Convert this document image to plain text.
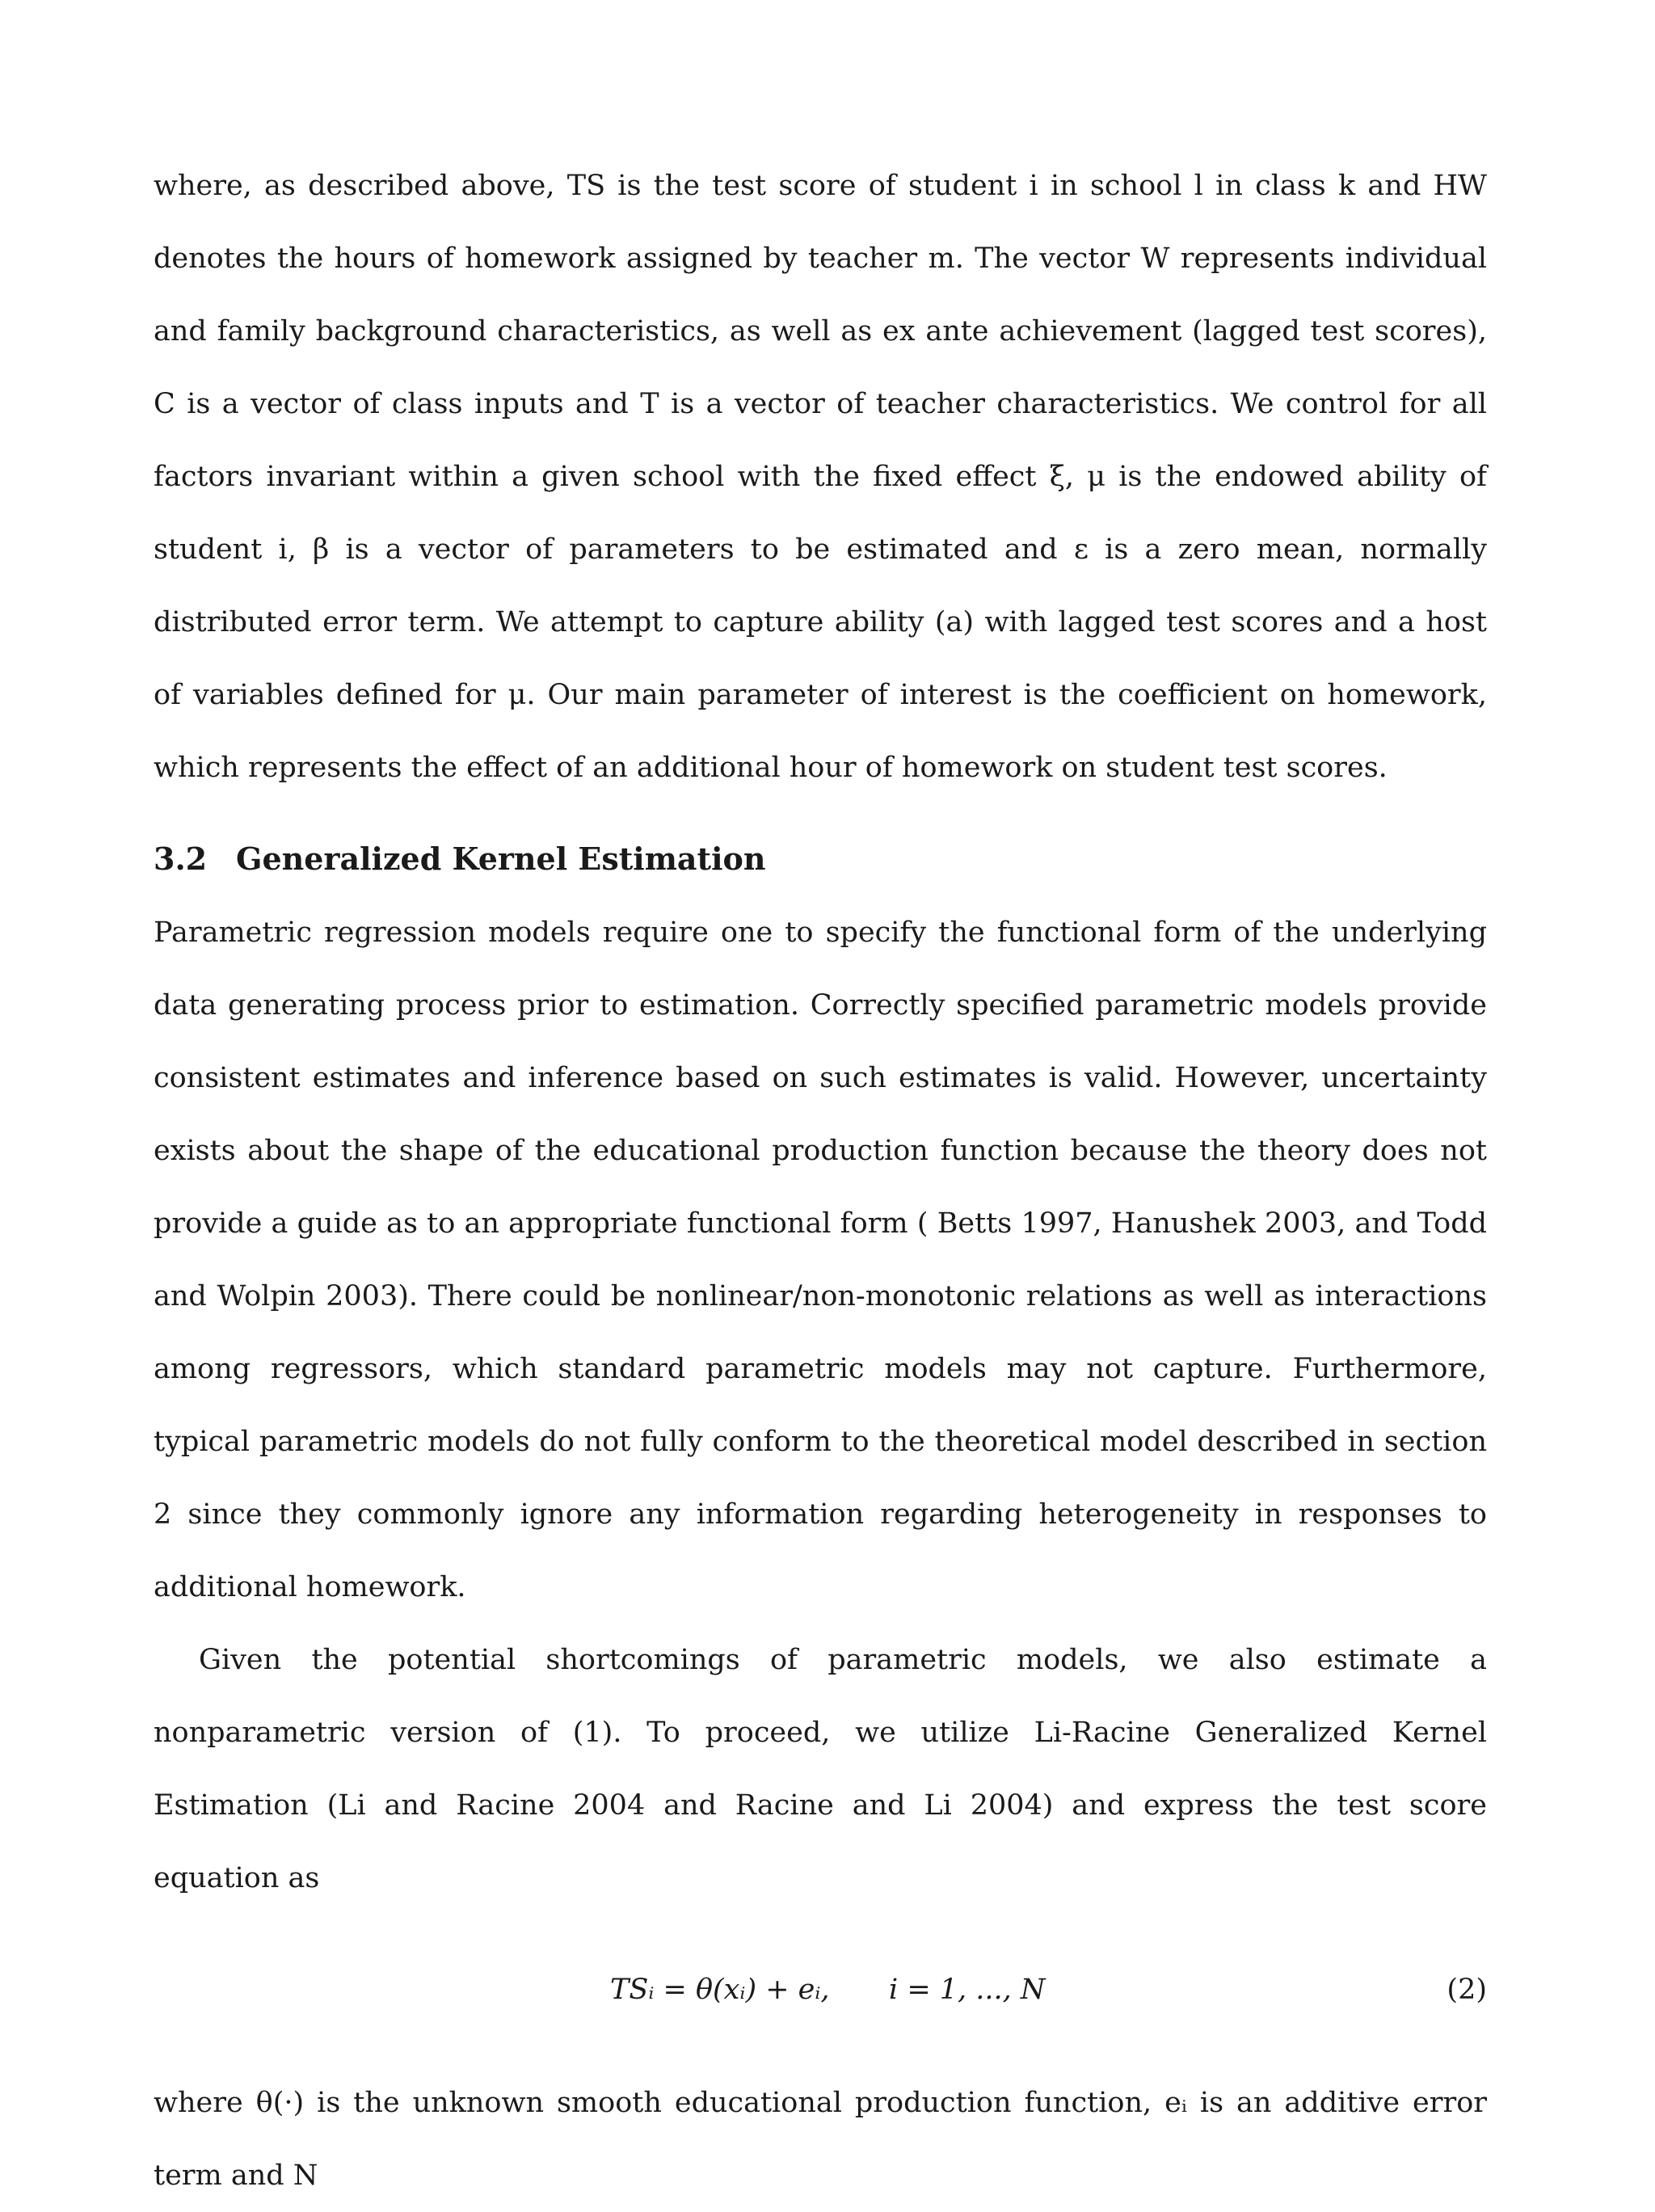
where, as described above, TS is the test score of student i in school l in class k and HW denotes the hours of homework assigned by teacher m. The vector W represents individual and family background characteristics, as well as ex ante achievement (lagged test scores), C is a vector of class inputs and T is a vector of teacher characteristics. We control for all factors invariant within a given school with the fixed effect ξ, μ is the endowed ability of student i, β is a vector of parameters to be estimated and ε is a zero mean, normally distributed error term. We attempt to capture ability (a) with lagged test scores and a host of variables defined for μ. Our main parameter of interest is the coefficient on homework, which represents the effect of an additional hour of homework on student test scores.

3.2 Generalized Kernel Estimation

Parametric regression models require one to specify the functional form of the underlying data generating process prior to estimation. Correctly specified parametric models provide consistent estimates and inference based on such estimates is valid. However, uncertainty exists about the shape of the educational production function because the theory does not provide a guide as to an appropriate functional form ( Betts 1997, Hanushek 2003, and Todd and Wolpin 2003). There could be nonlinear/non-monotonic relations as well as interactions among regressors, which standard parametric models may not capture. Furthermore, typical parametric models do not fully conform to the theoretical model described in section 2 since they commonly ignore any information regarding heterogeneity in responses to additional homework.

Given the potential shortcomings of parametric models, we also estimate a nonparametric version of (1). To proceed, we utilize Li-Racine Generalized Kernel Estimation (Li and Racine 2004 and Racine and Li 2004) and express the test score equation as

TSᵢ = θ(xᵢ) + eᵢ, i = 1, ..., N	(2)

where θ(·) is the unknown smooth educational production function, eᵢ is an additive error term and N
